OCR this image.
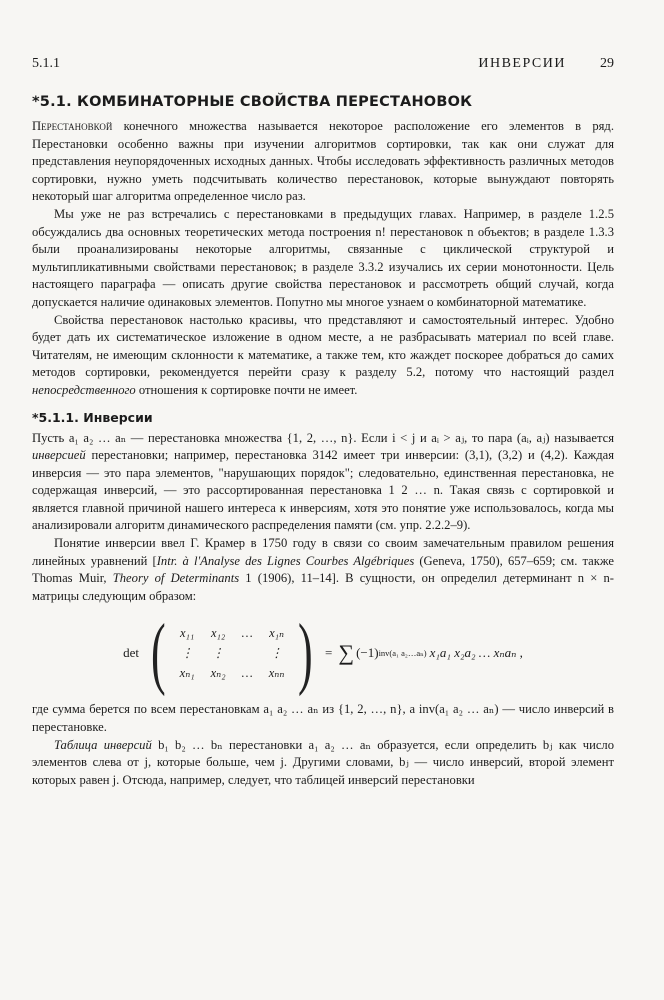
5.1.1	ИНВЕРСИИ 29
*5.1. КОМБИНАТОРНЫЕ СВОЙСТВА ПЕРЕСТАНОВОК

Перестановкой конечного множества называется некоторое расположение его элементов в ряд. Перестановки особенно важны при изучении алгоритмов сортировки, так как они служат для представления неупорядоченных исходных данных. Чтобы исследовать эффективность различных методов сортировки, нужно уметь подсчитывать количество перестановок, которые вынуждают повторять некоторый шаг алгоритма определенное число раз.

Мы уже не раз встречались с перестановками в предыдущих главах. Например, в разделе 1.2.5 обсуждались два основных теоретических метода построения n! перестановок n объектов; в разделе 1.3.3 были проанализированы некоторые алгоритмы, связанные с циклической структурой и мультипликативными свойствами перестановок; в разделе 3.3.2 изучались их серии монотонности. Цель настоящего параграфа — описать другие свойства перестановок и рассмотреть общий случай, когда допускается наличие одинаковых элементов. Попутно мы многое узнаем о комбинаторной математике.

Свойства перестановок настолько красивы, что представляют и самостоятельный интерес. Удобно будет дать их систематическое изложение в одном месте, а не разбрасывать материал по всей главе. Читателям, не имеющим склонности к математике, а также тем, кто жаждет поскорее добраться до самих методов сортировки, рекомендуется перейти сразу к разделу 5.2, потому что настоящий раздел непосредственного отношения к сортировке почти не имеет.

*5.1.1. Инверсии

Пусть a₁ a₂ … aₙ — перестановка множества {1, 2, …, n}. Если i < j и aᵢ > aⱼ, то пара (aᵢ, aⱼ) называется инверсией перестановки; например, перестановка 3142 имеет три инверсии: (3,1), (3,2) и (4,2). Каждая инверсия — это пара элементов, "нарушающих порядок"; следовательно, единственная перестановка, не содержащая инверсий, — это рассортированная перестановка 1 2 … n. Такая связь с сортировкой и является главной причиной нашего интереса к инверсиям, хотя это понятие уже использовалось, когда мы анализировали алгоритм динамического распределения памяти (см. упр. 2.2.2–9).

Понятие инверсии ввел Г. Крамер в 1750 году в связи со своим замечательным правилом решения линейных уравнений [Intr. à l'Analyse des Lignes Courbes Algébriques (Geneva, 1750), 657–659; см. также Thomas Muir, Theory of Determinants 1 (1906), 11–14]. В сущности, он определил детерминант n × n-матрицы следующим образом:

det ( x₁₁	x₁₂	…	x₁ₙ
⋮	⋮		⋮
xₙ₁	xₙ₂	…	xₙₙ ) = ∑ (−1) inv(a₁ a₂…aₙ) x₁a₁ x₂a₂ … xₙaₙ ,

где сумма берется по всем перестановкам a₁ a₂ … aₙ из {1, 2, …, n}, а inv(a₁ a₂ … aₙ) — число инверсий в перестановке.

Таблица инверсий b₁ b₂ … bₙ перестановки a₁ a₂ … aₙ образуется, если определить bⱼ как число элементов слева от j, которые больше, чем j. Другими словами, bⱼ — число инверсий, второй элемент которых равен j. Отсюда, например, следует, что таблицей инверсий перестановки
